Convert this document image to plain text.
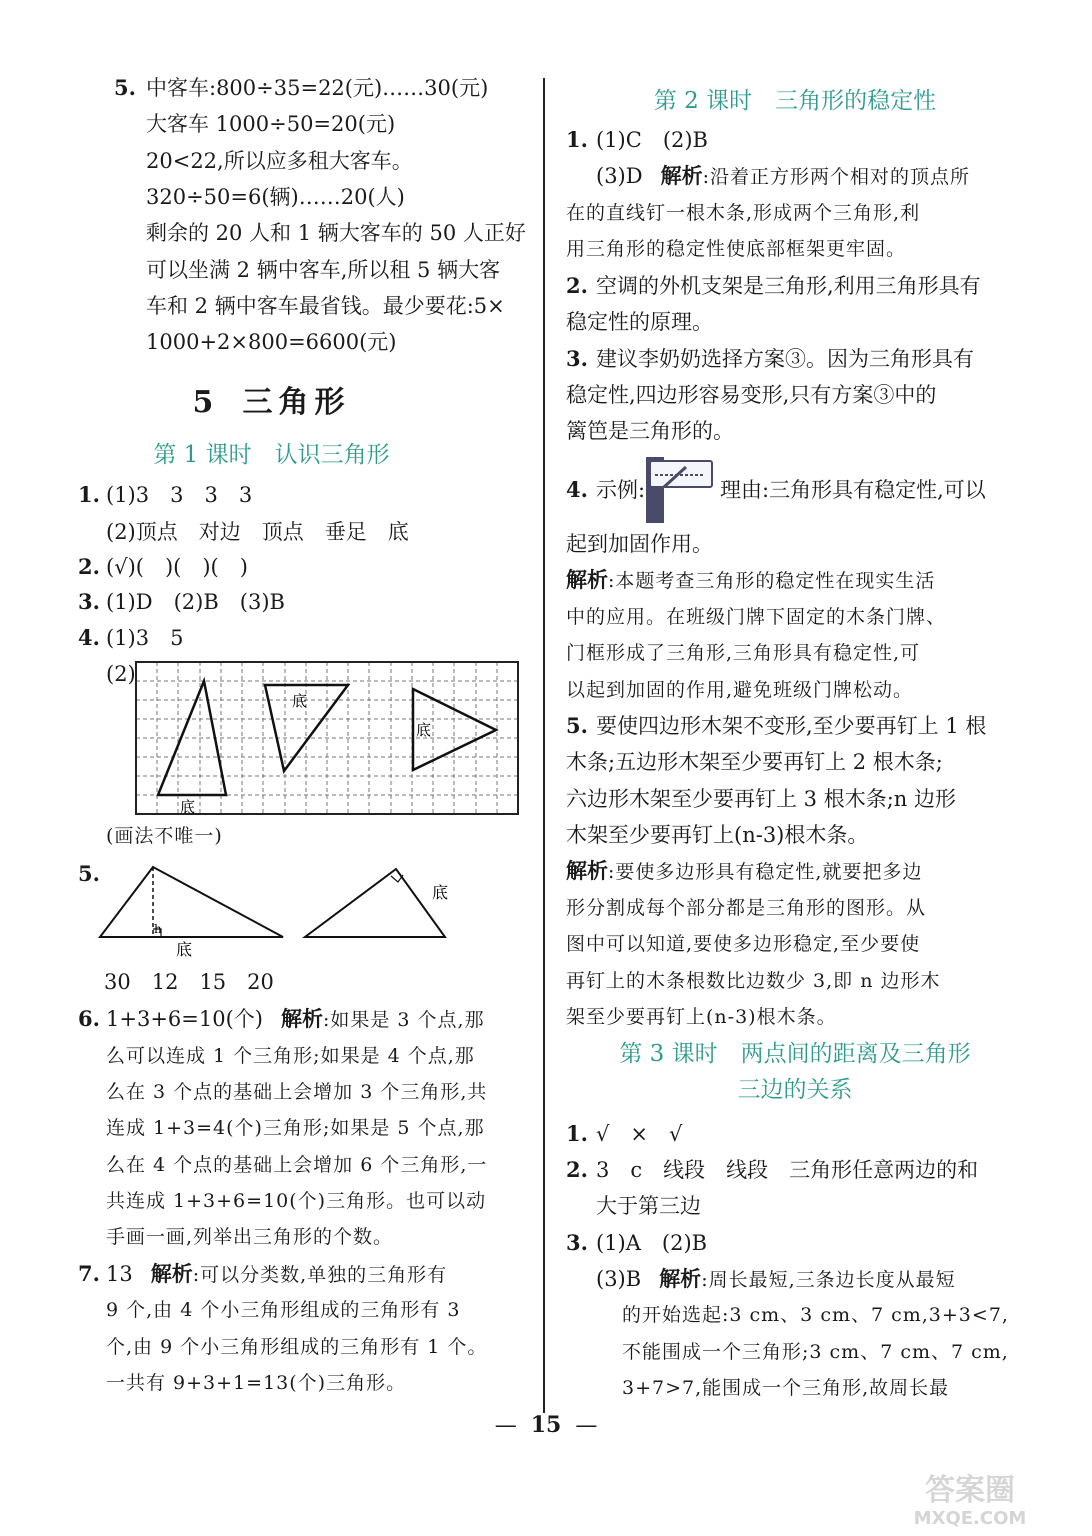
5. 中客车:800÷35=22(元)……30(元)
大客车 1000÷50=20(元)
20<22,所以应多租大客车。
320÷50=6(辆)……20(人)
剩余的 20 人和 1 辆大客车的 50 人正好
可以坐满 2 辆中客车,所以租 5 辆大客
车和 2 辆中客车最省钱。最少要花:5×
1000+2×800=6600(元)
5 三角形
第 1 课时　认识三角形
1. (1)3　3　3　3
(2)顶点　对边　顶点　垂足　底
2. (√)(　)(　)(　)
3. (1)D　(2)B　(3)B
4. (1)3　5
(2)
底
底
底
(画法不唯一)
5.
h
底
底
30　12　15　20
6. 1+3+6=10(个) 解析:如果是 3 个点,那
么可以连成 1 个三角形;如果是 4 个点,那
么在 3 个点的基础上会增加 3 个三角形,共
连成 1+3=4(个)三角形;如果是 5 个点,那
么在 4 个点的基础上会增加 6 个三角形,一
共连成 1+3+6=10(个)三角形。也可以动
手画一画,列举出三角形的个数。
7. 13 解析:可以分类数,单独的三角形有
9 个,由 4 个小三角形组成的三角形有 3
个,由 9 个小三角形组成的三角形有 1 个。
一共有 9+3+1=13(个)三角形。
第 2 课时　三角形的稳定性
1. (1)C　(2)B
(3)D 解析:沿着正方形两个相对的顶点所
在的直线钉一根木条,形成两个三角形,利
用三角形的稳定性使底部框架更牢固。
2. 空调的外机支架是三角形,利用三角形具有
稳定性的原理。
3. 建议李奶奶选择方案③。因为三角形具有
稳定性,四边形容易变形,只有方案③中的
篱笆是三角形的。
4. 示例:	理由:三角形具有稳定性,可以
起到加固作用。
解析:本题考查三角形的稳定性在现实生活
中的应用。在班级门牌下固定的木条门牌、
门框形成了三角形,三角形具有稳定性,可
以起到加固的作用,避免班级门牌松动。
5. 要使四边形木架不变形,至少要再钉上 1 根
木条;五边形木架至少要再钉上 2 根木条;
六边形木架至少要再钉上 3 根木条;n 边形
木架至少要再钉上(n-3)根木条。
解析:要使多边形具有稳定性,就要把多边
形分割成每个部分都是三角形的图形。从
图中可以知道,要使多边形稳定,至少要使
再钉上的木条根数比边数少 3,即 n 边形木
架至少要再钉上(n-3)根木条。
第 3 课时　两点间的距离及三角形
三边的关系
1. √　×　√
2. 3　c　线段　线段　三角形任意两边的和
大于第三边
3. (1)A　(2)B
(3)B 解析:周长最短,三条边长度从最短
的开始选起:3 cm、3 cm、7 cm,3+3<7,
不能围成一个三角形;3 cm、7 cm、7 cm,
3+7>7,能围成一个三角形,故周长最
— 15 —
答案圈
MXQE.COM
